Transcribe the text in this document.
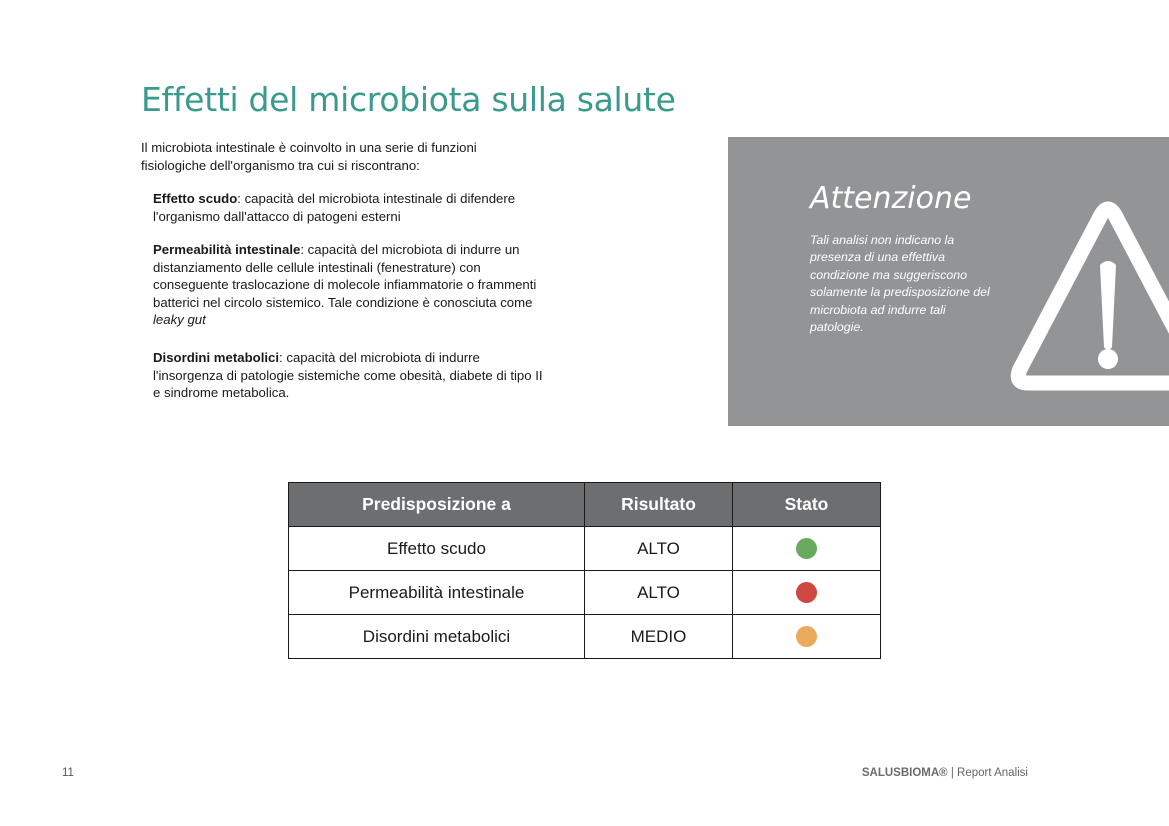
Effetti del microbiota sulla salute
Il microbiota intestinale è coinvolto in una serie di funzioni fisiologiche dell'organismo tra cui si riscontrano:
Effetto scudo: capacità del microbiota intestinale di difendere l'organismo dall'attacco di patogeni esterni
Permeabilità intestinale: capacità del microbiota di indurre un distanziamento delle cellule intestinali (fenestrature) con conseguente traslocazione di molecole infiammatorie o frammenti batterici nel circolo sistemico. Tale condizione è conosciuta come leaky gut
Disordini metabolici: capacità del microbiota di indurre l'insorgenza di patologie sistemiche come obesità, diabete di tipo II e sindrome metabolica.
Attenzione
Tali analisi non indicano la presenza di una effettiva condizione ma suggeriscono solamente la predisposizione del microbiota ad indurre tali patologie.
Predisposizione a	Risultato	Stato
Effetto scudo	ALTO	
Permeabilità intestinale	ALTO	
Disordini metabolici	MEDIO	
11	SALUSBIOMA® | Report Analisi
